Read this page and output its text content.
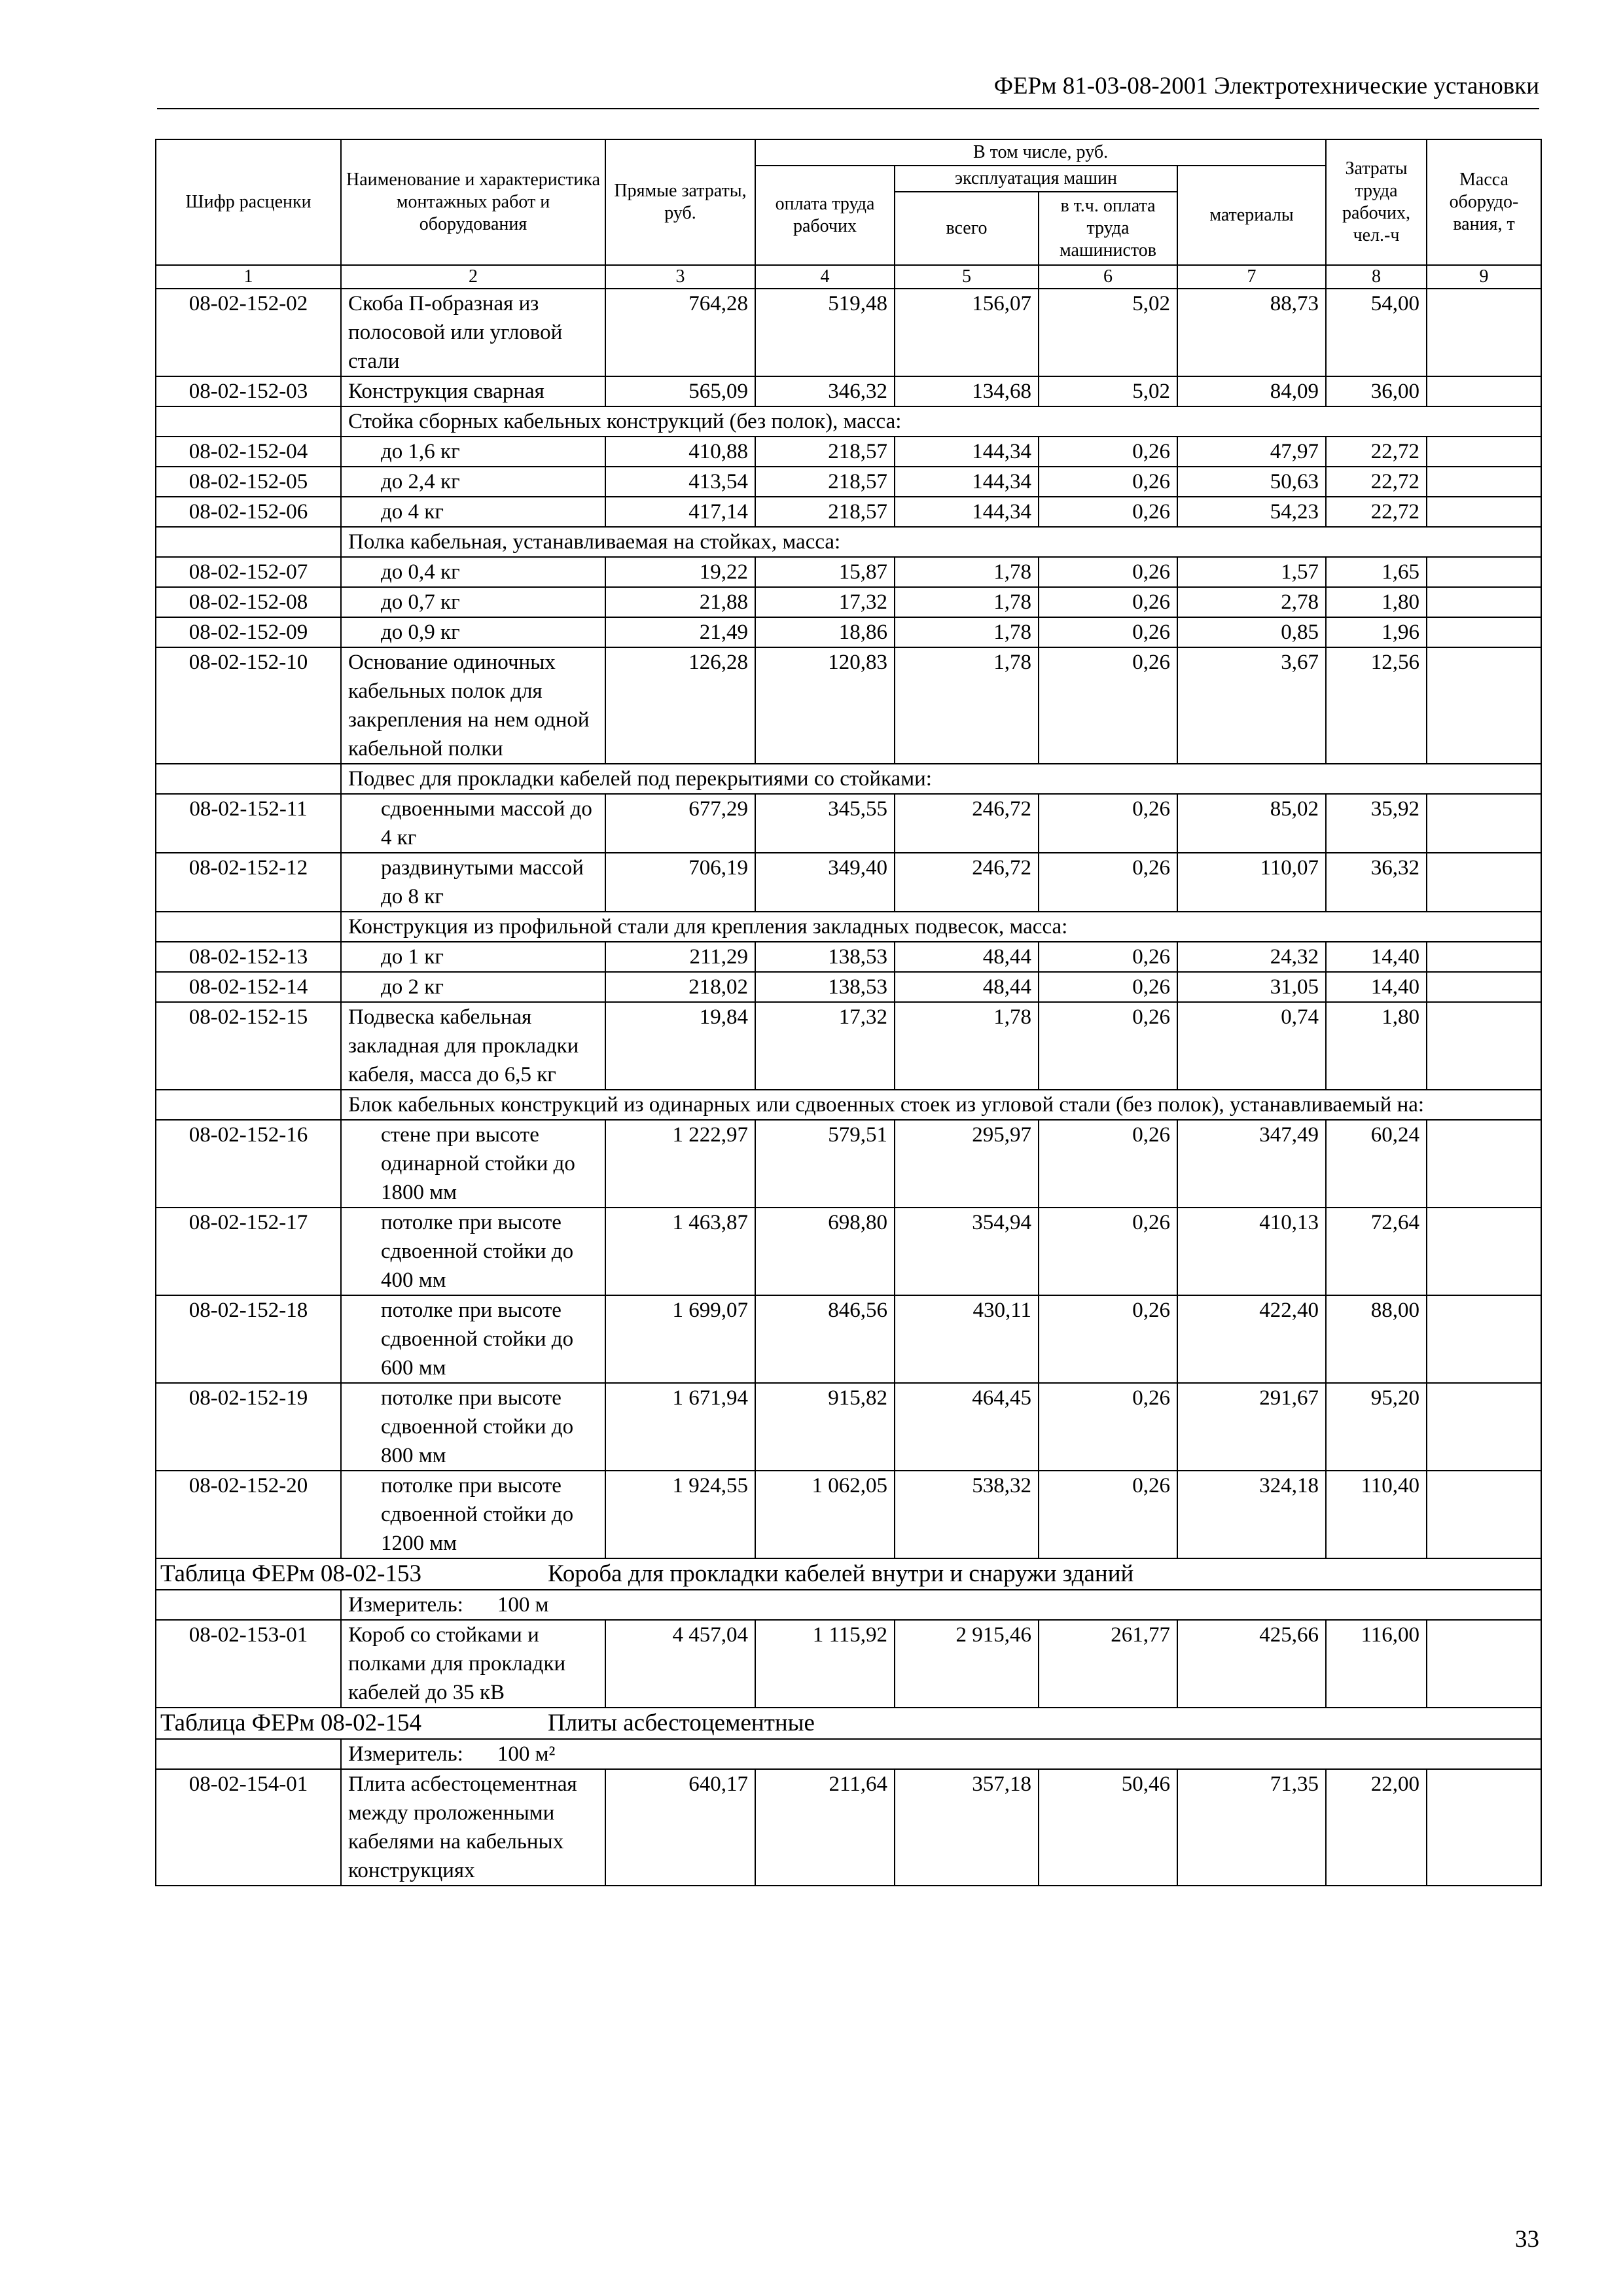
ФЕРм 81-03-08-2001 Электротехнические установки
Шифр расценки	Наименование и характеристика монтажных работ и оборудования	Прямые затраты, руб.	В том числе, руб.				Затраты труда рабочих, чел.-ч	Масса оборудо-вания, т
			оплата труда рабочих	эксплуатация машин		материалы		
				всего	в т.ч. оплата труда машинистов			
1	2	3	4	5	6	7	8	9
08-02-152-02	Скоба П-образная из полосовой или угловой стали	764,28	519,48	156,07	5,02	88,73	54,00	
08-02-152-03	Конструкция сварная	565,09	346,32	134,68	5,02	84,09	36,00	
	Стойка сборных кабельных конструкций (без полок), масса:							
08-02-152-04	до 1,6 кг	410,88	218,57	144,34	0,26	47,97	22,72	
08-02-152-05	до 2,4 кг	413,54	218,57	144,34	0,26	50,63	22,72	
08-02-152-06	до 4 кг	417,14	218,57	144,34	0,26	54,23	22,72	
	Полка кабельная, устанавливаемая на стойках, масса:							
08-02-152-07	до 0,4 кг	19,22	15,87	1,78	0,26	1,57	1,65	
08-02-152-08	до 0,7 кг	21,88	17,32	1,78	0,26	2,78	1,80	
08-02-152-09	до 0,9 кг	21,49	18,86	1,78	0,26	0,85	1,96	
08-02-152-10	Основание одиночных кабельных полок для закрепления на нем одной кабельной полки	126,28	120,83	1,78	0,26	3,67	12,56	
	Подвес для прокладки кабелей под перекрытиями со стойками:							
08-02-152-11	сдвоенными массой до 4 кг	677,29	345,55	246,72	0,26	85,02	35,92	
08-02-152-12	раздвинутыми массой до 8 кг	706,19	349,40	246,72	0,26	110,07	36,32	
	Конструкция из профильной стали для крепления закладных подвесок, масса:							
08-02-152-13	до 1 кг	211,29	138,53	48,44	0,26	24,32	14,40	
08-02-152-14	до 2 кг	218,02	138,53	48,44	0,26	31,05	14,40	
08-02-152-15	Подвеска кабельная закладная для прокладки кабеля, масса до 6,5 кг	19,84	17,32	1,78	0,26	0,74	1,80	
	Блок кабельных конструкций из одинарных или сдвоенных стоек из угловой стали (без полок), устанавливаемый на:							
08-02-152-16	стене при высоте одинарной стойки до 1800 мм	1 222,97	579,51	295,97	0,26	347,49	60,24	
08-02-152-17	потолке при высоте сдвоенной стойки до 400 мм	1 463,87	698,80	354,94	0,26	410,13	72,64	
08-02-152-18	потолке при высоте сдвоенной стойки до 600 мм	1 699,07	846,56	430,11	0,26	422,40	88,00	
08-02-152-19	потолке при высоте сдвоенной стойки до 800 мм	1 671,94	915,82	464,45	0,26	291,67	95,20	
08-02-152-20	потолке при высоте сдвоенной стойки до 1200 мм	1 924,55	1 062,05	538,32	0,26	324,18	110,40	
Таблица ФЕРм 08-02-153 Короба для прокладки кабелей внутри и снаружи зданий								
	Измеритель: 100 м							
08-02-153-01	Короб со стойками и полками для прокладки кабелей до 35 кВ	4 457,04	1 115,92	2 915,46	261,77	425,66	116,00	
Таблица ФЕРм 08-02-154 Плиты асбестоцементные								
	Измеритель: 100 м²							
08-02-154-01	Плита асбестоцементная между проложенными кабелями на кабельных конструкциях	640,17	211,64	357,18	50,46	71,35	22,00	
33
